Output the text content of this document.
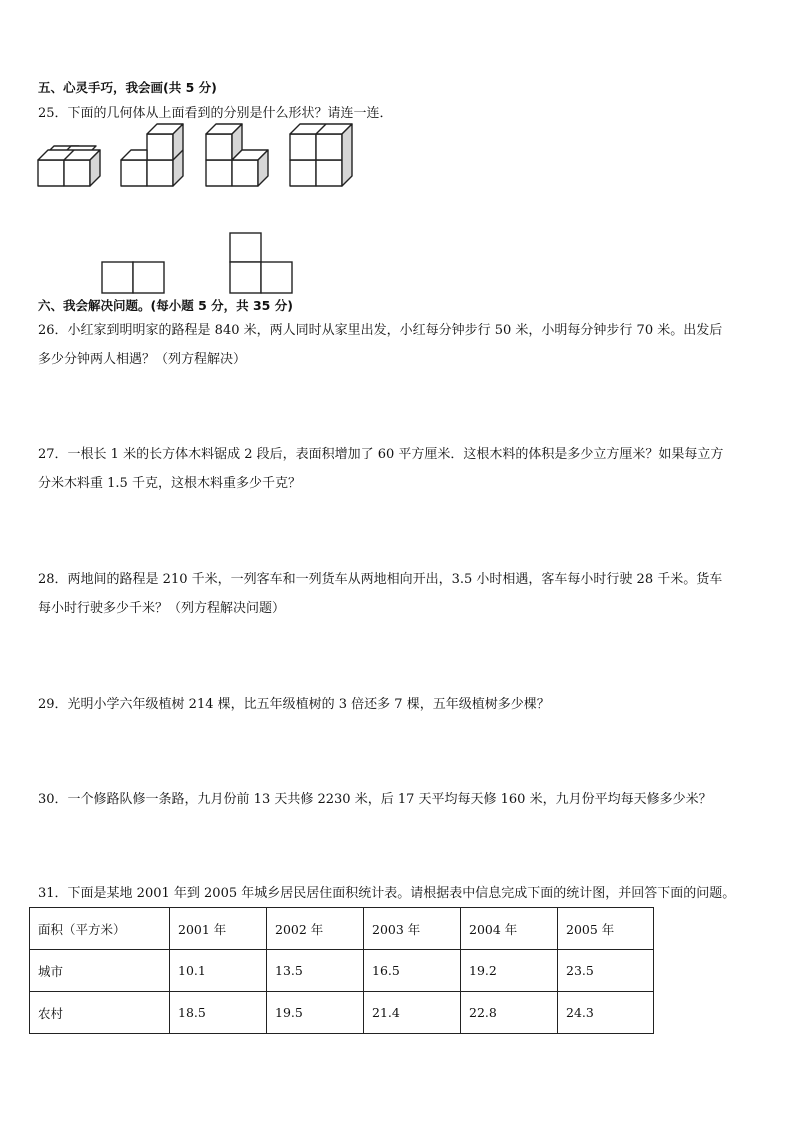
五、心灵手巧，我会画(共 5 分)
25．下面的几何体从上面看到的分别是什么形状？请连一连．
六、我会解决问题。(每小题 5 分，共 35 分)

26．小红家到明明家的路程是 840 米，两人同时从家里出发，小红每分钟步行 50 米，小明每分钟步行 70 米。出发后

多少分钟两人相遇？（列方程解决）

27．一根长 1 米的长方体木料锯成 2 段后，表面积增加了 60 平方厘米．这根木料的体积是多少立方厘米？如果每立方

分米木料重 1.5 千克，这根木料重多少千克？

28．两地间的路程是 210 千米，一列客车和一列货车从两地相向开出，3.5 小时相遇，客车每小时行驶 28 千米。货车

每小时行驶多少千米？（列方程解决问题）

29．光明小学六年级植树 214 棵，比五年级植树的 3 倍还多 7 棵，五年级植树多少棵？
30．一个修路队修一条路，九月份前 13 天共修 2230 米，后 17 天平均每天修 160 米，九月份平均每天修多少米？
31．下面是某地 2001 年到 2005 年城乡居民居住面积统计表。请根据表中信息完成下面的统计图，并回答下面的问题。
面积（平方米）	2001 年	2002 年	2003 年	2004 年	2005 年
城市	10.1	13.5	16.5	19.2	23.5
农村	18.5	19.5	21.4	22.8	24.3
